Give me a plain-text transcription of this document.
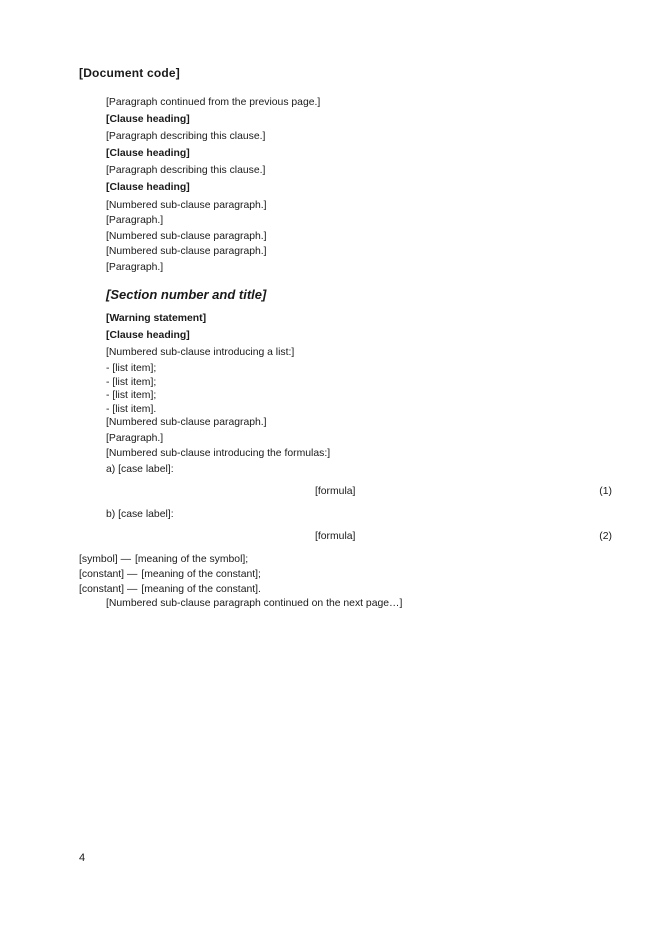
[Document code]

[Paragraph continued from the previous page.]

[Clause heading]

[Paragraph describing this clause.]

[Clause heading]

[Paragraph describing this clause.]

[Clause heading]

[Numbered sub-clause paragraph.]

[Paragraph.]

[Numbered sub-clause paragraph.]

[Numbered sub-clause paragraph.]

[Paragraph.]

[Section number and title]

[Warning statement]

[Clause heading]

[Numbered sub-clause introducing a list:]

- [list item];

- [list item];

- [list item];

- [list item].

[Numbered sub-clause paragraph.]

[Paragraph.]

[Numbered sub-clause introducing the formulas:]

a) [case label]:

[formula]	(1)

b) [case label]:

[formula]	(2)
[symbol] — [meaning of the symbol];
[constant] — [meaning of the constant];
[constant] — [meaning of the constant].

[Numbered sub-clause paragraph continued on the next page…]

4
